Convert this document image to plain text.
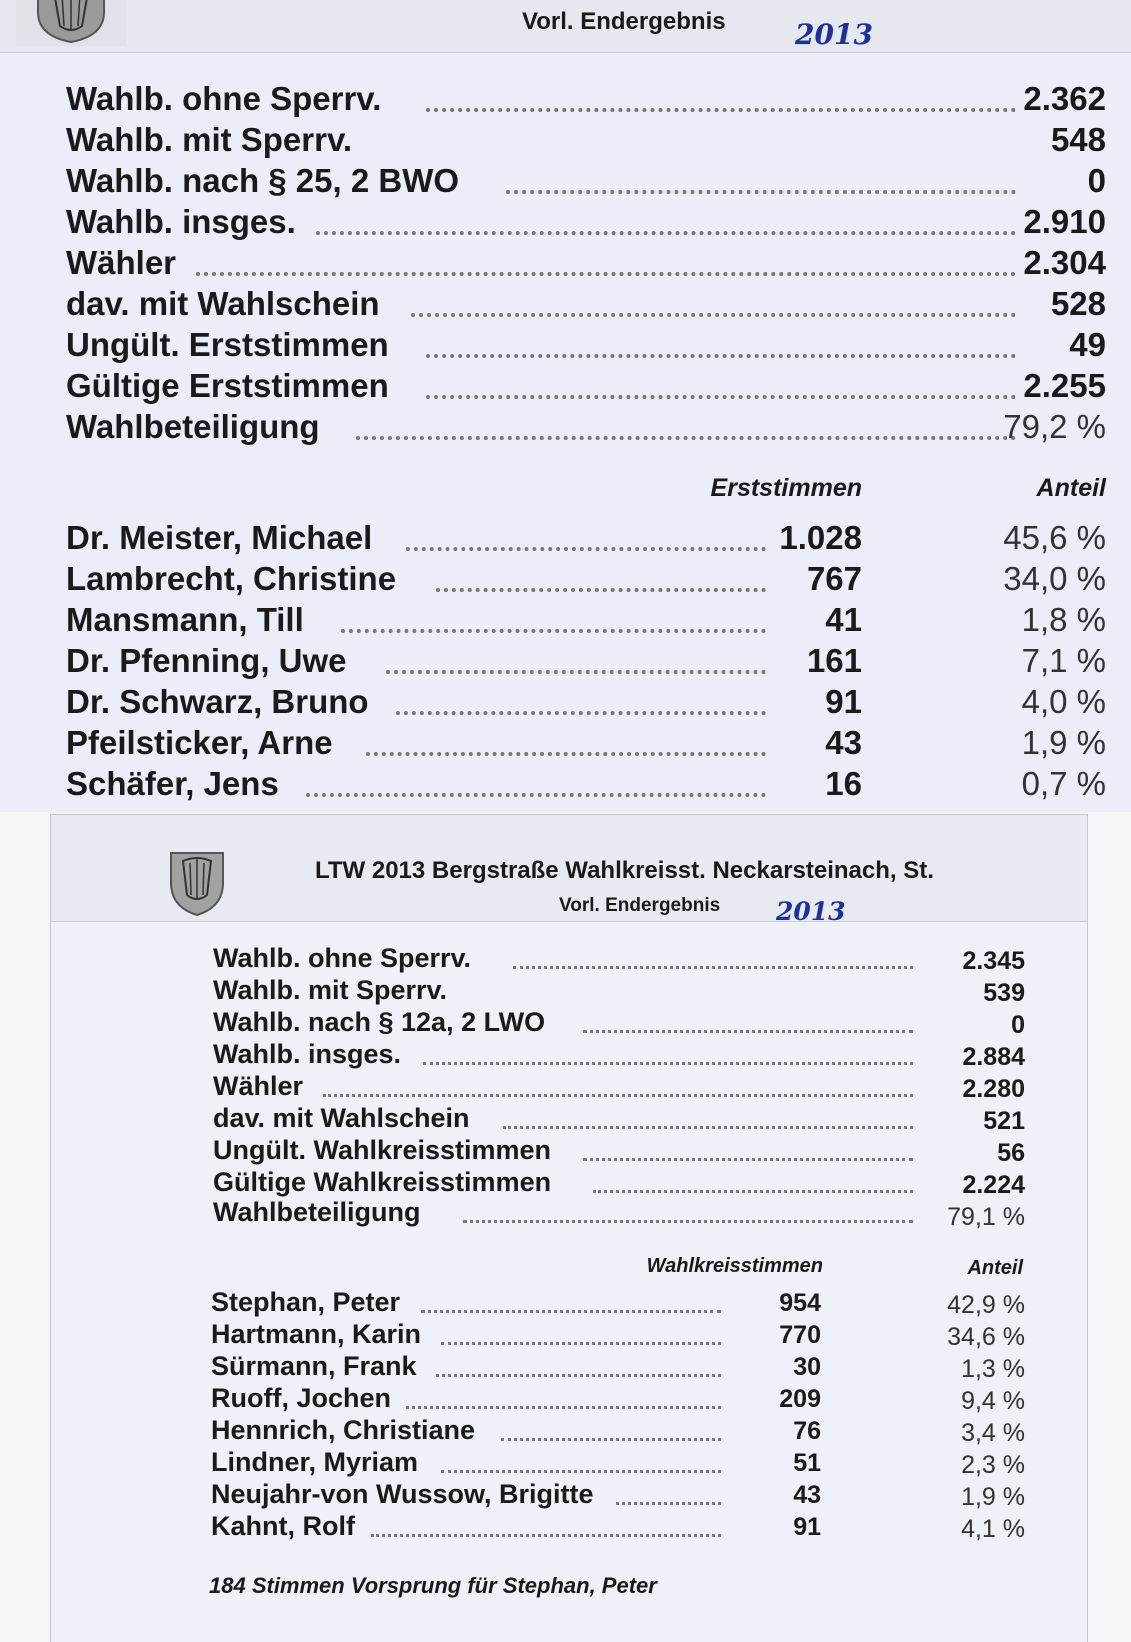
Vorl. Endergebnis 2013
Wahlb. ohne Sperrv.	2.362
Wahlb. mit Sperrv.	548
Wahlb. nach § 25, 2 BWO	0
Wahlb. insges.	2.910
Wähler	2.304
dav. mit Wahlschein	528
Ungült. Erststimmen	49
Gültige Erststimmen	2.255
Wahlbeteiligung	79,2 %
Erststimmen	Anteil
Dr. Meister, Michael	1.028	45,6 %
Lambrecht, Christine	767	34,0 %
Mansmann, Till	41	1,8 %
Dr. Pfenning, Uwe	161	7,1 %
Dr. Schwarz, Bruno	91	4,0 %
Pfeilsticker, Arne	43	1,9 %
Schäfer, Jens	16	0,7 %
LTW 2013 Bergstraße Wahlkreisst. Neckarsteinach, St.
Vorl. Endergebnis 2013
Wahlb. ohne Sperrv.	2.345
Wahlb. mit Sperrv.	539
Wahlb. nach § 12a, 2 LWO	0
Wahlb. insges.	2.884
Wähler	2.280
dav. mit Wahlschein	521
Ungült. Wahlkreisstimmen	56
Gültige Wahlkreisstimmen	2.224
Wahlbeteiligung	79,1 %
Wahlkreisstimmen	Anteil
Stephan, Peter	954	42,9 %
Hartmann, Karin	770	34,6 %
Sürmann, Frank	30	1,3 %
Ruoff, Jochen	209	9,4 %
Hennrich, Christiane	76	3,4 %
Lindner, Myriam	51	2,3 %
Neujahr-von Wussow, Brigitte	43	1,9 %
Kahnt, Rolf	91	4,1 %
184 Stimmen Vorsprung für Stephan, Peter
